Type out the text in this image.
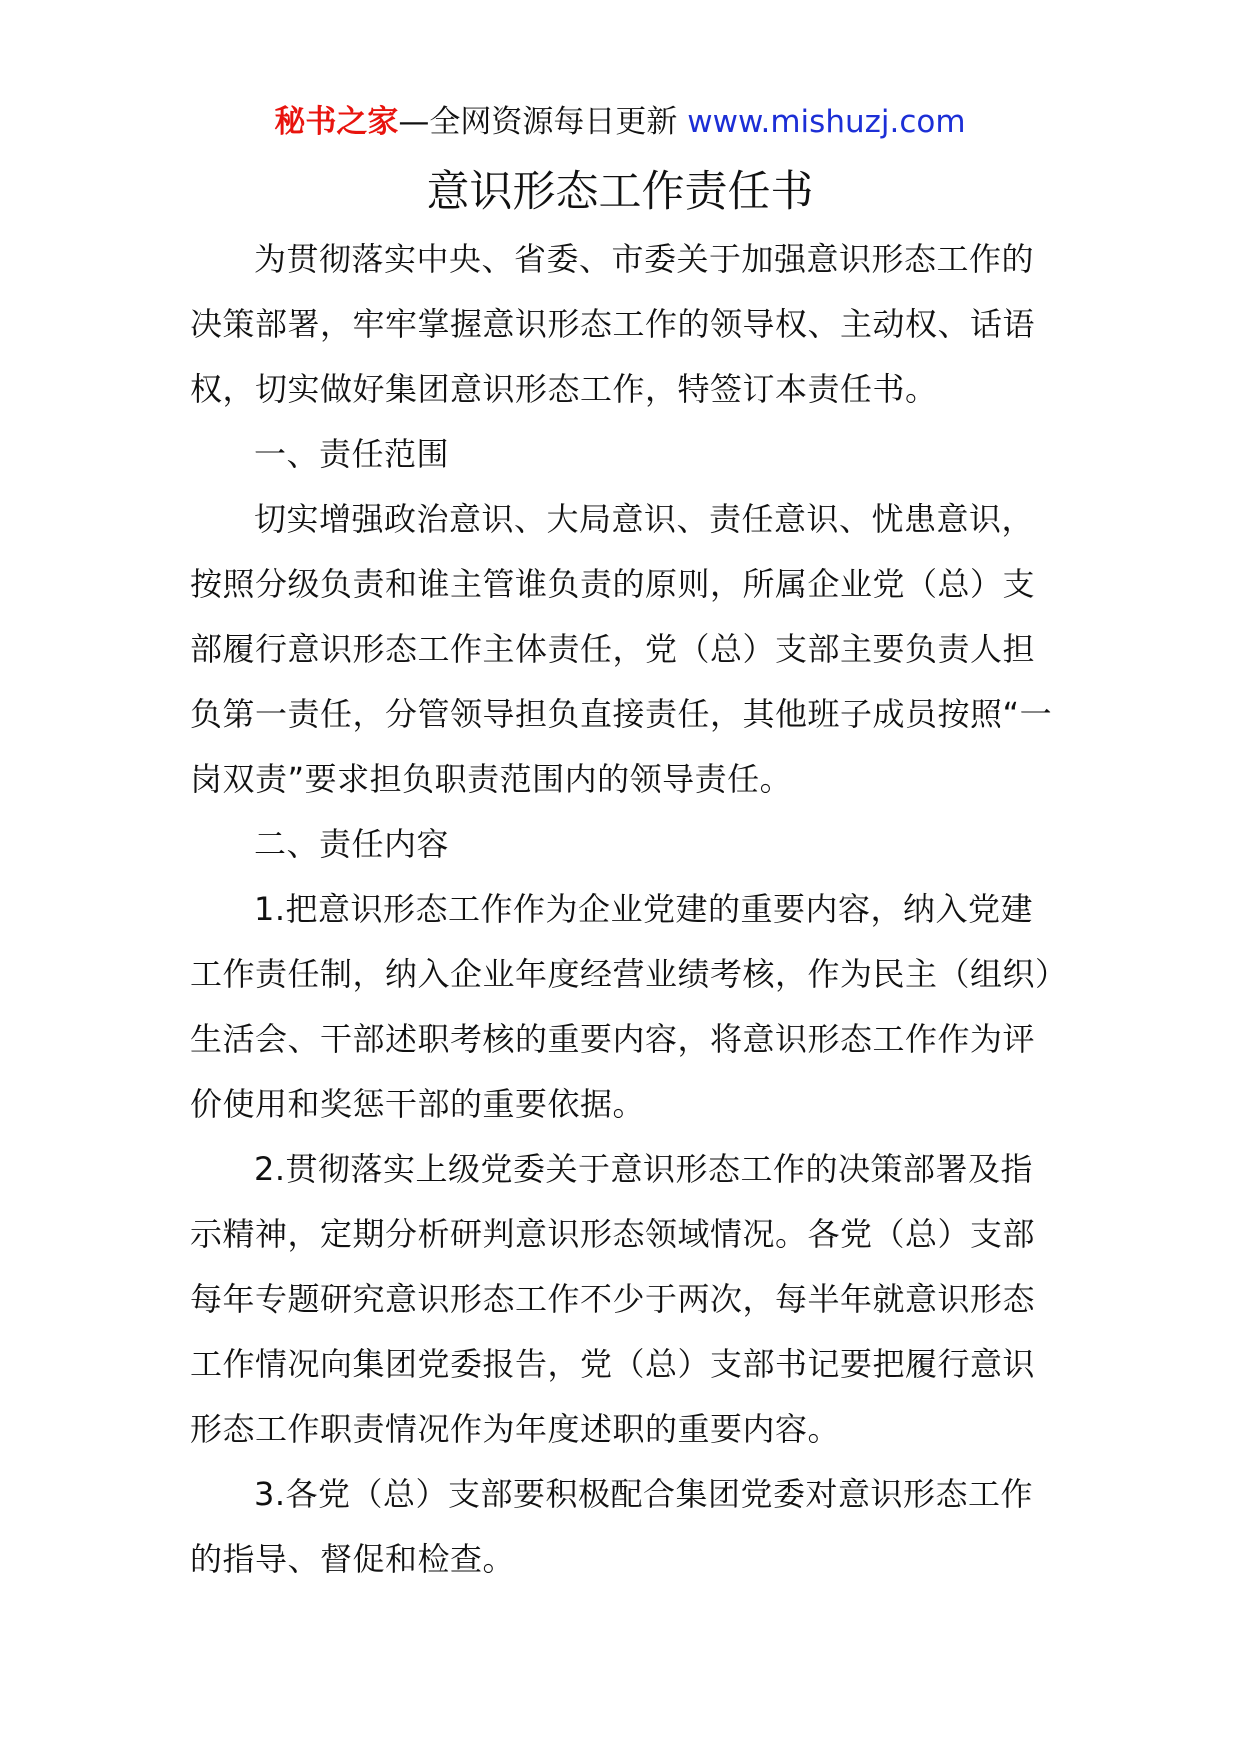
秘书之家—全网资源每日更新 www.mishuzj.com
意识形态工作责任书

为贯彻落实中央、省委、市委关于加强意识形态工作的决策部署，牢牢掌握意识形态工作的领导权、主动权、话语权，切实做好集团意识形态工作，特签订本责任书。

一、责任范围

切实增强政治意识、大局意识、责任意识、忧患意识，按照分级负责和谁主管谁负责的原则，所属企业党（总）支部履行意识形态工作主体责任，党（总）支部主要负责人担负第一责任，分管领导担负直接责任，其他班子成员按照“一岗双责”要求担负职责范围内的领导责任。

二、责任内容

1.把意识形态工作作为企业党建的重要内容，纳入党建工作责任制，纳入企业年度经营业绩考核，作为民主（组织）生活会、干部述职考核的重要内容，将意识形态工作作为评价使用和奖惩干部的重要依据。

2.贯彻落实上级党委关于意识形态工作的决策部署及指示精神，定期分析研判意识形态领域情况。各党（总）支部每年专题研究意识形态工作不少于两次，每半年就意识形态工作情况向集团党委报告，党（总）支部书记要把履行意识形态工作职责情况作为年度述职的重要内容。

3.各党（总）支部要积极配合集团党委对意识形态工作的指导、督促和检查。
